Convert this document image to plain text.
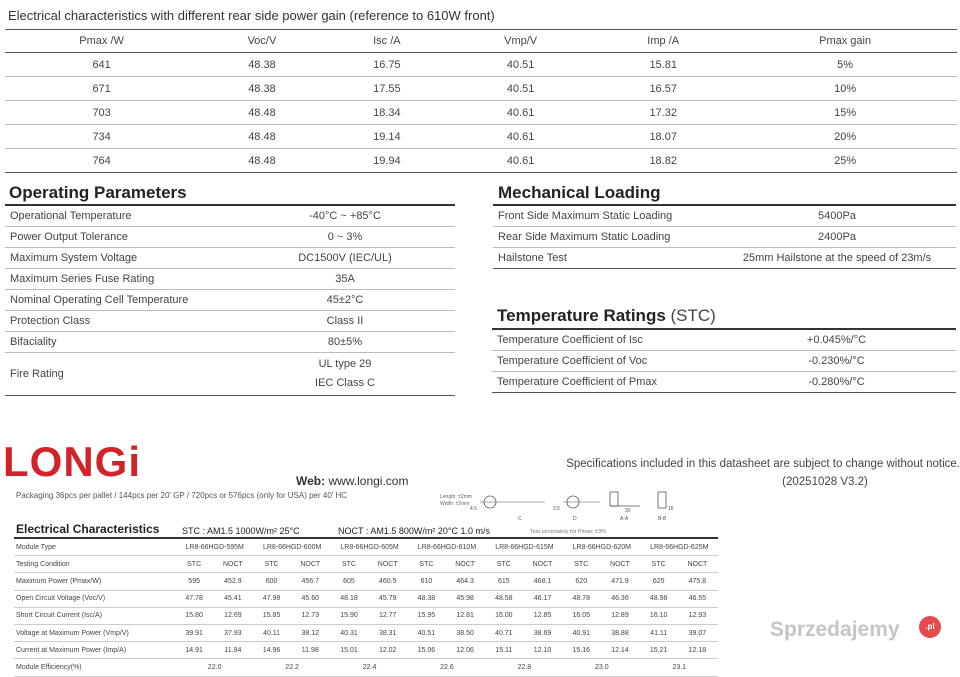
Electrical characteristics with different rear side power gain (reference to 610W front)
Pmax /W	Voc/V	Isc /A	Vmp/V	Imp /A	Pmax gain
641	48.38	16.75	40.51	15.81	5%
671	48.38	17.55	40.51	16.57	10%
703	48.48	18.34	40.61	17.32	15%
734	48.48	19.14	40.61	18.07	20%
764	48.48	19.94	40.61	18.82	25%
Operating Parameters
Operational Temperature	-40°C ~ +85°C
Power Output Tolerance	0 ~ 3%
Maximum System Voltage	DC1500V (IEC/UL)
Maximum Series Fuse Rating	35A
Nominal Operating Cell Temperature	45±2°C
Protection Class	Class II
Bifaciality	80±5%
Fire Rating	UL type 29
IEC Class C
Mechanical Loading
Front Side Maximum Static Loading	5400Pa
Rear Side Maximum Static Loading	2400Pa
Hailstone Test	25mm Hailstone at the speed of 23m/s
Temperature Ratings (STC)
Temperature Coefficient of Isc	+0.045%/°C
Temperature Coefficient of Voc	-0.230%/°C
Temperature Coefficient of Pmax	-0.280%/°C
LONGi	Web: www.longi.com
Specifications included in this datasheet are subject to change without notice.
(20251028 V3.2)
Packaging 36pcs per pallet / 144pcs per 20' GP / 720pcs or 576pcs (only for USA) per 40' HC	Length: ±2mm
Width: ±2mm
4.5
C
3.5
D
30
A-A
15
B-B
Electrical Characteristics	STC : AM1.5 1000W/m² 25°C	NOCT : AM1.5 800W/m² 20°C 1.0 m/s	Test uncertainty for Pmax: ±3%
Module Type	LR8-66HGD-595M		LR8-66HGD-600M		LR8-66HGD-605M		LR8-66HGD-610M		LR8-66HGD-615M		LR8-66HGD-620M		LR8-66HGD-625M	
Testing Condition	STC	NOCT	STC	NOCT	STC	NOCT	STC	NOCT	STC	NOCT	STC	NOCT	STC	NOCT
Maximum Power (Pmax/W)	595	452.9	600	456.7	605	460.5	610	464.3	615	468.1	620	471.9	625	475.8
Open Circuit Voltage (Voc/V)	47.78	45.41	47.98	45.60	48.18	45.79	48.38	45.98	48.58	46.17	48.78	46.36	48.98	46.55
Short Circuit Current (Isc/A)	15.80	12.69	15.85	12.73	15.90	12.77	15.95	12.81	16.00	12.85	16.05	12.89	16.10	12.93
Voltage at Maximum Power (Vmp/V)	39.91	37.93	40.11	38.12	40.31	38.31	40.51	38.50	40.71	38.69	40.91	38.88	41.11	39.07
Current at Maximum Power (Imp/A)	14.91	11.94	14.96	11.98	15.01	12.02	15.06	12.06	15.11	12.10	15.16	12.14	15.21	12.18
Module Efficiency(%)	22.0		22.2		22.4		22.6		22.8		23.0		23.1	
Sprzedajemy	.pl
